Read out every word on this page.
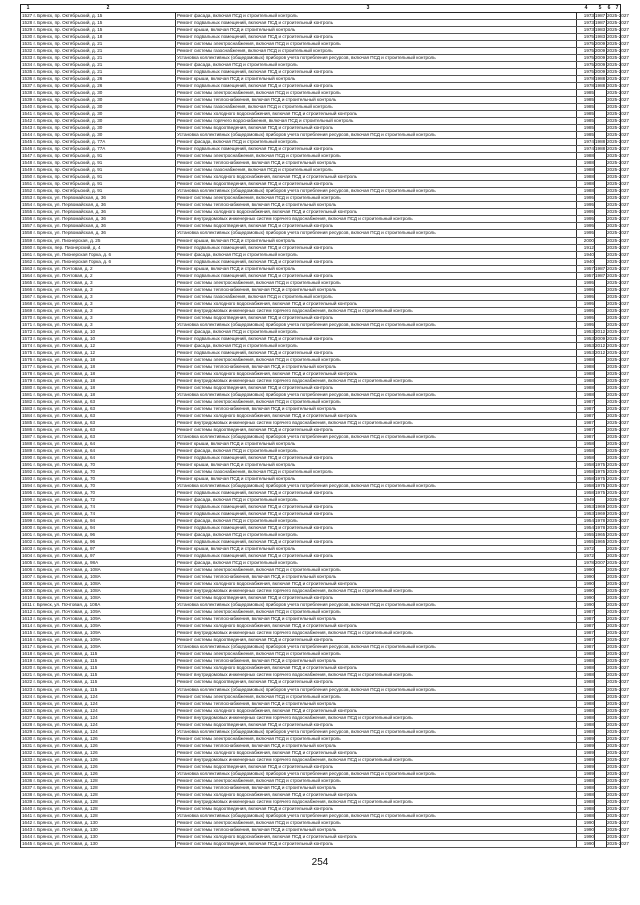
1	2	3	4	5	6	7
1527 г. Брянск, пр. Октябрьский, д. 15	Ремонт фасада, включая ПСД и строительный контроль	1973 1987 2025-2027
1528 г. Брянск, пр. Октябрьский, д. 15	Ремонт подвальных помещений, включая ПСД и строительный контроль	1973 1987 2025-2027
1529 г. Брянск, пр. Октябрьский, д. 15	Ремонт крыши, включая ПСД и строительный контроль	1973 1983 2025-2027
1530 г. Брянск, пр. Октябрьский, д. 18	Ремонт подвальных помещений, включая ПСД и строительный контроль	1975 1983 2025-2027
1531 г. Брянск, пр. Октябрьский, д. 21	Ремонт системы электроснабжения, включая ПСД и строительный контроль	1975 2009 2025-2027
1532 г. Брянск, пр. Октябрьский, д. 21	Ремонт системы газоснабжения, включая ПСД и строительный контроль	1975 2009 2025-2027
1533 г. Брянск, пр. Октябрьский, д. 21	Установка коллективных (общедомовых) приборов учета потребления ресурсов, включая ПСД и строительный контроль	1975 2009 2025-2027
1534 г. Брянск, пр. Октябрьский, д. 21	Ремонт фасада, включая ПСД и строительный контроль	1975 2009 2025-2027
1535 г. Брянск, пр. Октябрьский, д. 21	Ремонт подвальных помещений, включая ПСД и строительный контроль	1975 2009 2025-2027
1536 г. Брянск, пр. Октябрьский, д. 26	Ремонт крыши, включая ПСД и строительный контроль	1978 1988 2025-2027
1537 г. Брянск, пр. Октябрьский, д. 26	Ремонт подвальных помещений, включая ПСД и строительный контроль	1978 1988 2025-2027
1538 г. Брянск, пр. Октябрьский, д. 30	Ремонт системы электроснабжения, включая ПСД и строительный контроль	1985	2025-2027
1539 г. Брянск, пр. Октябрьский, д. 30	Ремонт системы теплоснабжения, включая ПСД и строительный контроль	1985	2025-2027
1540 г. Брянск, пр. Октябрьский, д. 30	Ремонт системы газоснабжения, включая ПСД и строительный контроль	1985	2025-2027
1541 г. Брянск, пр. Октябрьский, д. 30	Ремонт системы холодного водоснабжения, включая ПСД и строительный контроль	1985	2025-2027
1542 г. Брянск, пр. Октябрьский, д. 30	Ремонт системы горячего водоснабжения, включая ПСД и строительный контроль	1985	2025-2027
1543 г. Брянск, пр. Октябрьский, д. 30	Ремонт системы водоотведения, включая ПСД и строительный контроль	1985	2025-2027
1544 г. Брянск, пр. Октябрьский, д. 30	Установка коллективных (общедомовых) приборов учета потребления ресурсов, включая ПСД и строительный контроль	1985	2025-2027
1545 г. Брянск, пр. Октябрьский, д. 77А	Ремонт фасада, включая ПСД и строительный контроль	1974 1988 2025-2027
1546 г. Брянск, пр. Октябрьский, д. 77А	Ремонт подвальных помещений, включая ПСД и строительный контроль	1974 1988 2025-2027
1547 г. Брянск, пр. Октябрьский, д. 91	Ремонт системы электроснабжения, включая ПСД и строительный контроль	1988	2025-2027
1548 г. Брянск, пр. Октябрьский, д. 91	Ремонт системы теплоснабжения, включая ПСД и строительный контроль	1988	2025-2027
1549 г. Брянск, пр. Октябрьский, д. 91	Ремонт системы газоснабжения, включая ПСД и строительный контроль	1988	2025-2027
1550 г. Брянск, пр. Октябрьский, д. 91	Ремонт системы холодного водоснабжения, включая ПСД и строительный контроль	1988	2025-2027
1551 г. Брянск, пр. Октябрьский, д. 91	Ремонт системы водоотведения, включая ПСД и строительный контроль	1988	2025-2027
1552 г. Брянск, пр. Октябрьский, д. 91	Установка коллективных (общедомовых) приборов учета потребления ресурсов, включая ПСД и строительный контроль	1988	2025-2027
1553 г. Брянск, ул. Первомайская, д. 36	Ремонт системы электроснабжения, включая ПСД и строительный контроль	1995	2025-2027
1554 г. Брянск, ул. Первомайская, д. 36	Ремонт системы теплоснабжения, включая ПСД и строительный контроль	1995	2025-2027
1555 г. Брянск, ул. Первомайская, д. 36	Ремонт системы холодного водоснабжения, включая ПСД и строительный контроль	1995	2025-2027
1556 г. Брянск, ул. Первомайская, д. 36	Ремонт внутридомовых инженерных систем горячего водоснабжения, включая ПСД и строительный контроль	1995	2025-2027
1557 г. Брянск, ул. Первомайская, д. 36	Ремонт системы водоотведения, включая ПСД и строительный контроль	1995	2025-2027
1558 г. Брянск, ул. Первомайская, д. 36	Установка коллективных (общедомовых) приборов учета потребления ресурсов, включая ПСД и строительный контроль	1995	2025-2027
1559 г. Брянск, ул. Пионерская, д. 25	Ремонт крыши, включая ПСД и строительный контроль	2000	2025-2027
1560 г. Брянск, пер. Пионерский, д. 4	Ремонт подвальных помещений, включая ПСД и строительный контроль	1912	2025-2027
1561 г. Брянск, ул. Пионерская Горка, д. 6	Ремонт фасада, включая ПСД и строительный контроль	1940	2025-2027
1562 г. Брянск, ул. Пионерская Горка, д. 6	Ремонт подвальных помещений, включая ПСД и строительный контроль	1940	2025-2027
1563 г. Брянск, ул. Почтовая, д. 2	Ремонт крыши, включая ПСД и строительный контроль	1957 1987 2025-2027
1564 г. Брянск, ул. Почтовая, д. 2	Ремонт подвальных помещений, включая ПСД и строительный контроль	1957 1987 2025-2027
1565 г. Брянск, ул. Почтовая, д. 3	Ремонт системы электроснабжения, включая ПСД и строительный контроль	1995	2025-2027
1566 г. Брянск, ул. Почтовая, д. 3	Ремонт системы теплоснабжения, включая ПСД и строительный контроль	1995	2025-2027
1567 г. Брянск, ул. Почтовая, д. 3	Ремонт системы газоснабжения, включая ПСД и строительный контроль	1995	2025-2027
1568 г. Брянск, ул. Почтовая, д. 3	Ремонт системы холодного водоснабжения, включая ПСД и строительный контроль	1995	2025-2027
1569 г. Брянск, ул. Почтовая, д. 3	Ремонт внутридомовых инженерных систем горячего водоснабжения, включая ПСД и строительный контроль	1995	2025-2027
1570 г. Брянск, ул. Почтовая, д. 3	Ремонт системы водоотведения, включая ПСД и строительный контроль	1995	2025-2027
1571 г. Брянск, ул. Почтовая, д. 3	Установка коллективных (общедомовых) приборов учета потребления ресурсов, включая ПСД и строительный контроль	1995	2025-2027
1572 г. Брянск, ул. Почтовая, д. 10	Ремонт фасада, включая ПСД и строительный контроль	1953 2012 2025-2027
1573 г. Брянск, ул. Почтовая, д. 10	Ремонт подвальных помещений, включая ПСД и строительный контроль	1953 2009 2025-2027
1574 г. Брянск, ул. Почтовая, д. 12	Ремонт фасада, включая ПСД и строительный контроль	1953 2012 2025-2027
1575 г. Брянск, ул. Почтовая, д. 12	Ремонт подвальных помещений, включая ПСД и строительный контроль	1953 2012 2025-2027
1576 г. Брянск, ул. Почтовая, д. 18	Ремонт системы электроснабжения, включая ПСД и строительный контроль	1988	2025-2027
1577 г. Брянск, ул. Почтовая, д. 18	Ремонт системы теплоснабжения, включая ПСД и строительный контроль	1988	2025-2027
1578 г. Брянск, ул. Почтовая, д. 18	Ремонт системы холодного водоснабжения, включая ПСД и строительный контроль	1988	2025-2027
1579 г. Брянск, ул. Почтовая, д. 18	Ремонт внутридомовых инженерных систем горячего водоснабжения, включая ПСД и строительный контроль	1988	2025-2027
1580 г. Брянск, ул. Почтовая, д. 18	Ремонт системы водоотведения, включая ПСД и строительный контроль	1988	2025-2027
1581 г. Брянск, ул. Почтовая, д. 18	Установка коллективных (общедомовых) приборов учета потребления ресурсов, включая ПСД и строительный контроль	1988	2025-2027
1582 г. Брянск, ул. Почтовая, д. 63	Ремонт системы электроснабжения, включая ПСД и строительный контроль	1987	2025-2027
1583 г. Брянск, ул. Почтовая, д. 63	Ремонт системы теплоснабжения, включая ПСД и строительный контроль	1987	2025-2027
1584 г. Брянск, ул. Почтовая, д. 63	Ремонт системы холодного водоснабжения, включая ПСД и строительный контроль	1987	2025-2027
1585 г. Брянск, ул. Почтовая, д. 63	Ремонт внутридомовых инженерных систем горячего водоснабжения, включая ПСД и строительный контроль	1987	2025-2027
1586 г. Брянск, ул. Почтовая, д. 63	Ремонт системы водоотведения, включая ПСД и строительный контроль	1987	2025-2027
1587 г. Брянск, ул. Почтовая, д. 63	Установка коллективных (общедомовых) приборов учета потребления ресурсов, включая ПСД и строительный контроль	1987	2025-2027
1588 г. Брянск, ул. Почтовая, д. 64	Ремонт крыши, включая ПСД и строительный контроль	1958	2025-2027
1589 г. Брянск, ул. Почтовая, д. 64	Ремонт фасада, включая ПСД и строительный контроль	1958	2025-2027
1590 г. Брянск, ул. Почтовая, д. 64	Ремонт подвальных помещений, включая ПСД и строительный контроль	1958	2025-2027
1591 г. Брянск, ул. Почтовая, д. 70	Ремонт крыши, включая ПСД и строительный контроль	1958 1975 2025-2027
1592 г. Брянск, ул. Почтовая, д. 70	Ремонт системы газоснабжения, включая ПСД и строительный контроль	1958 1975 2025-2027
1593 г. Брянск, ул. Почтовая, д. 70	Ремонт крыши, включая ПСД и строительный контроль	1958 1975 2025-2027
1594 г. Брянск, ул. Почтовая, д. 70	Установка коллективных (общедомовых) приборов учета потребления ресурсов, включая ПСД и строительный контроль	1958 1975 2025-2027
1595 г. Брянск, ул. Почтовая, д. 70	Ремонт подвальных помещений, включая ПСД и строительный контроль	1958 1975 2025-2027
1596 г. Брянск, ул. Почтовая, д. 72	Ремонт фасада, включая ПСД и строительный контроль	1949	2025-2027
1597 г. Брянск, ул. Почтовая, д. 74	Ремонт подвальных помещений, включая ПСД и строительный контроль	1953 1969 2025-2027
1598 г. Брянск, ул. Почтовая, д. 74	Ремонт подвальных помещений, включая ПСД и строительный контроль	1953 1969 2025-2027
1599 г. Брянск, ул. Почтовая, д. 94	Ремонт фасада, включая ПСД и строительный контроль	1954 1978 2025-2027
1600 г. Брянск, ул. Почтовая, д. 94	Ремонт подвальных помещений, включая ПСД и строительный контроль	1954 1978 2025-2027
1601 г. Брянск, ул. Почтовая, д. 96	Ремонт фасада, включая ПСД и строительный контроль	1955 1965 2025-2027
1602 г. Брянск, ул. Почтовая, д. 96	Ремонт подвальных помещений, включая ПСД и строительный контроль	1955 1965 2025-2027
1603 г. Брянск, ул. Почтовая, д. 97	Ремонт крыши, включая ПСД и строительный контроль	1972	2025-2027
1604 г. Брянск, ул. Почтовая, д. 97	Ремонт подвальных помещений, включая ПСД и строительный контроль	1972	2025-2027
1605 г. Брянск, ул. Почтовая, д. 98А	Ремонт фасада, включая ПСД и строительный контроль	1978 2007 2025-2027
1606 г. Брянск, ул. Почтовая, д. 108А	Ремонт системы электроснабжения, включая ПСД и строительный контроль	1990	2025-2027
1607 г. Брянск, ул. Почтовая, д. 108А	Ремонт системы теплоснабжения, включая ПСД и строительный контроль	1990	2025-2027
1608 г. Брянск, ул. Почтовая, д. 108А	Ремонт системы холодного водоснабжения, включая ПСД и строительный контроль	1990	2025-2027
1609 г. Брянск, ул. Почтовая, д. 108А	Ремонт внутридомовых инженерных систем горячего водоснабжения, включая ПСД и строительный контроль	1990	2025-2027
1610 г. Брянск, ул. Почтовая, д. 108А	Ремонт системы водоотведения, включая ПСД и строительный контроль	1990	2025-2027
1611 г. Брянск, ул. Почтовая, д. 108А	Установка коллективных (общедомовых) приборов учета потребления ресурсов, включая ПСД и строительный контроль	1990	2025-2027
1612 г. Брянск, ул. Почтовая, д. 109А	Ремонт системы электроснабжения, включая ПСД и строительный контроль	1987	2025-2027
1613 г. Брянск, ул. Почтовая, д. 109А	Ремонт системы теплоснабжения, включая ПСД и строительный контроль	1987	2025-2027
1614 г. Брянск, ул. Почтовая, д. 109А	Ремонт системы холодного водоснабжения, включая ПСД и строительный контроль	1987	2025-2027
1615 г. Брянск, ул. Почтовая, д. 109А	Ремонт внутридомовых инженерных систем горячего водоснабжения, включая ПСД и строительный контроль	1987	2025-2027
1616 г. Брянск, ул. Почтовая, д. 109А	Ремонт системы водоотведения, включая ПСД и строительный контроль	1987	2025-2027
1617 г. Брянск, ул. Почтовая, д. 109А	Установка коллективных (общедомовых) приборов учета потребления ресурсов, включая ПСД и строительный контроль	1987	2025-2027
1618 г. Брянск, ул. Почтовая, д. 115	Ремонт системы электроснабжения, включая ПСД и строительный контроль	1988	2025-2027
1619 г. Брянск, ул. Почтовая, д. 115	Ремонт системы теплоснабжения, включая ПСД и строительный контроль	1988	2025-2027
1620 г. Брянск, ул. Почтовая, д. 115	Ремонт системы холодного водоснабжения, включая ПСД и строительный контроль	1988	2025-2027
1621 г. Брянск, ул. Почтовая, д. 115	Ремонт внутридомовых инженерных систем горячего водоснабжения, включая ПСД и строительный контроль	1988	2025-2027
1622 г. Брянск, ул. Почтовая, д. 115	Ремонт системы водоотведения, включая ПСД и строительный контроль	1988	2025-2027
1623 г. Брянск, ул. Почтовая, д. 115	Установка коллективных (общедомовых) приборов учета потребления ресурсов, включая ПСД и строительный контроль	1988	2025-2027
1624 г. Брянск, ул. Почтовая, д. 124	Ремонт системы электроснабжения, включая ПСД и строительный контроль	1988	2025-2027
1625 г. Брянск, ул. Почтовая, д. 124	Ремонт системы теплоснабжения, включая ПСД и строительный контроль	1988	2025-2027
1626 г. Брянск, ул. Почтовая, д. 124	Ремонт системы холодного водоснабжения, включая ПСД и строительный контроль	1988	2025-2027
1627 г. Брянск, ул. Почтовая, д. 124	Ремонт внутридомовых инженерных систем горячего водоснабжения, включая ПСД и строительный контроль	1988	2025-2027
1628 г. Брянск, ул. Почтовая, д. 124	Ремонт системы водоотведения, включая ПСД и строительный контроль	1988	2025-2027
1629 г. Брянск, ул. Почтовая, д. 124	Установка коллективных (общедомовых) приборов учета потребления ресурсов, включая ПСД и строительный контроль	1988	2025-2027
1630 г. Брянск, ул. Почтовая, д. 126	Ремонт системы электроснабжения, включая ПСД и строительный контроль	1989	2025-2027
1631 г. Брянск, ул. Почтовая, д. 126	Ремонт системы теплоснабжения, включая ПСД и строительный контроль	1989	2025-2027
1632 г. Брянск, ул. Почтовая, д. 126	Ремонт системы холодного водоснабжения, включая ПСД и строительный контроль	1989	2025-2027
1633 г. Брянск, ул. Почтовая, д. 126	Ремонт внутридомовых инженерных систем горячего водоснабжения, включая ПСД и строительный контроль	1989	2025-2027
1634 г. Брянск, ул. Почтовая, д. 126	Ремонт системы водоотведения, включая ПСД и строительный контроль	1989	2025-2027
1635 г. Брянск, ул. Почтовая, д. 126	Установка коллективных (общедомовых) приборов учета потребления ресурсов, включая ПСД и строительный контроль	1989	2025-2027
1636 г. Брянск, ул. Почтовая, д. 128	Ремонт системы электроснабжения, включая ПСД и строительный контроль	1988	2025-2027
1637 г. Брянск, ул. Почтовая, д. 128	Ремонт системы теплоснабжения, включая ПСД и строительный контроль	1988	2025-2027
1638 г. Брянск, ул. Почтовая, д. 128	Ремонт системы холодного водоснабжения, включая ПСД и строительный контроль	1988	2025-2027
1639 г. Брянск, ул. Почтовая, д. 128	Ремонт внутридомовых инженерных систем горячего водоснабжения, включая ПСД и строительный контроль	1988	2025-2027
1640 г. Брянск, ул. Почтовая, д. 128	Ремонт системы водоотведения, включая ПСД и строительный контроль	1988	2025-2027
1641 г. Брянск, ул. Почтовая, д. 128	Установка коллективных (общедомовых) приборов учета потребления ресурсов, включая ПСД и строительный контроль	1988	2025-2027
1642 г. Брянск, ул. Почтовая, д. 130	Ремонт системы электроснабжения, включая ПСД и строительный контроль	1990	2025-2027
1643 г. Брянск, ул. Почтовая, д. 130	Ремонт системы теплоснабжения, включая ПСД и строительный контроль	1990	2025-2027
1644 г. Брянск, ул. Почтовая, д. 130	Ремонт системы холодного водоснабжения, включая ПСД и строительный контроль	1990	2025-2027
1645 г. Брянск, ул. Почтовая, д. 130	Ремонт системы водоотведения, включая ПСД и строительный контроль	1990	2025-2027
254
